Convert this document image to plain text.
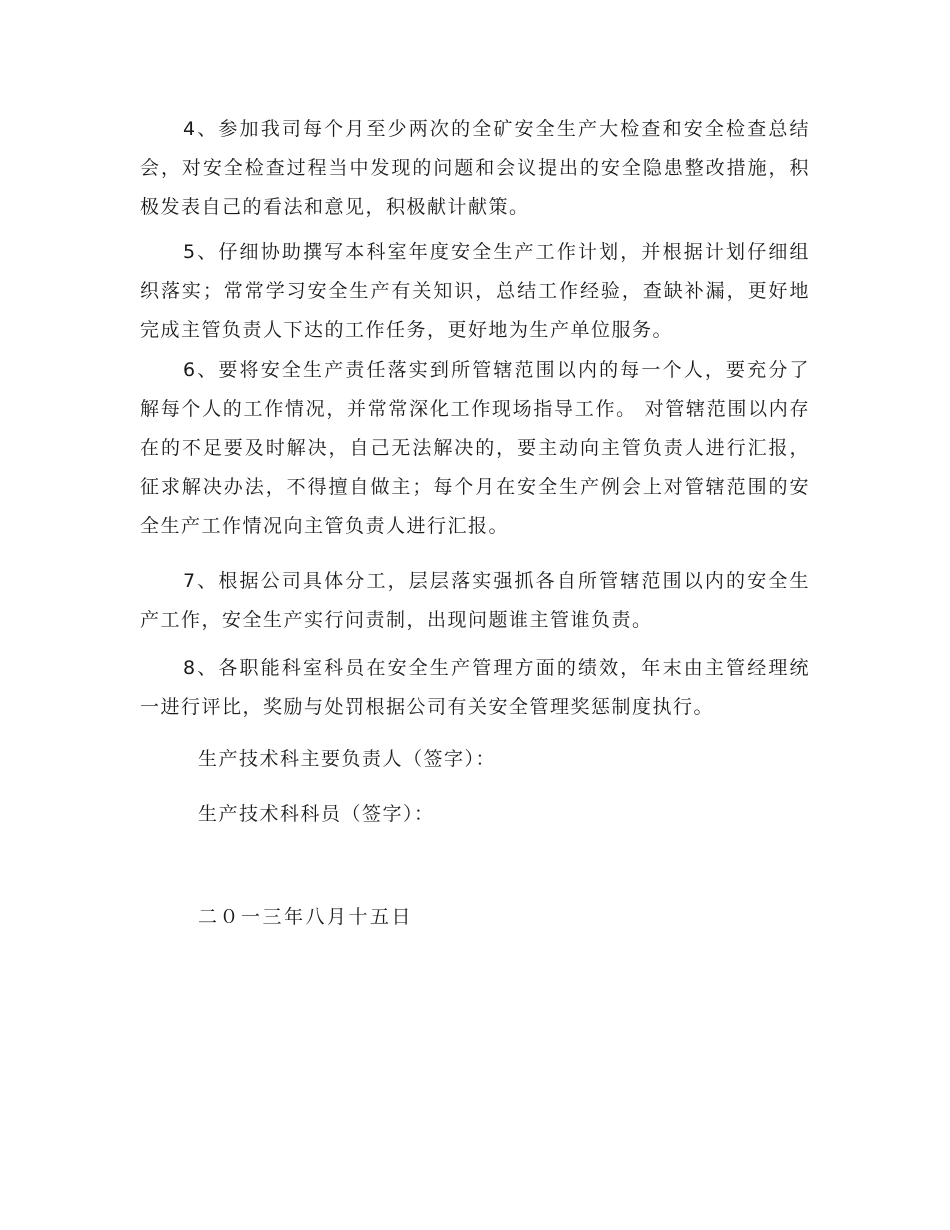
4、参加我司每个月至少两次的全矿安全生产大检查和安全检查总结会，对安全检查过程当中发现的问题和会议提出的安全隐患整改措施，积极发表自己的看法和意见，积极献计献策。

5、仔细协助撰写本科室年度安全生产工作计划，并根据计划仔细组织落实；常常学习安全生产有关知识，总结工作经验，查缺补漏，更好地完成主管负责人下达的工作任务，更好地为生产单位服务。

6、要将安全生产责任落实到所管辖范围以内的每一个人，要充分了解每个人的工作情况，并常常深化工作现场指导工作。 对管辖范围以内存在的不足要及时解决，自己无法解决的，要主动向主管负责人进行汇报，征求解决办法，不得擅自做主；每个月在安全生产例会上对管辖范围的安全生产工作情况向主管负责人进行汇报。

7、根据公司具体分工，层层落实强抓各自所管辖范围以内的安全生产工作，安全生产实行问责制，出现问题谁主管谁负责。

8、各职能科室科员在安全生产管理方面的绩效，年末由主管经理统一进行评比，奖励与处罚根据公司有关安全管理奖惩制度执行。

生产技术科主要负责人（签字）：

生产技术科科员（签字）：

二０一三年八月十五日
